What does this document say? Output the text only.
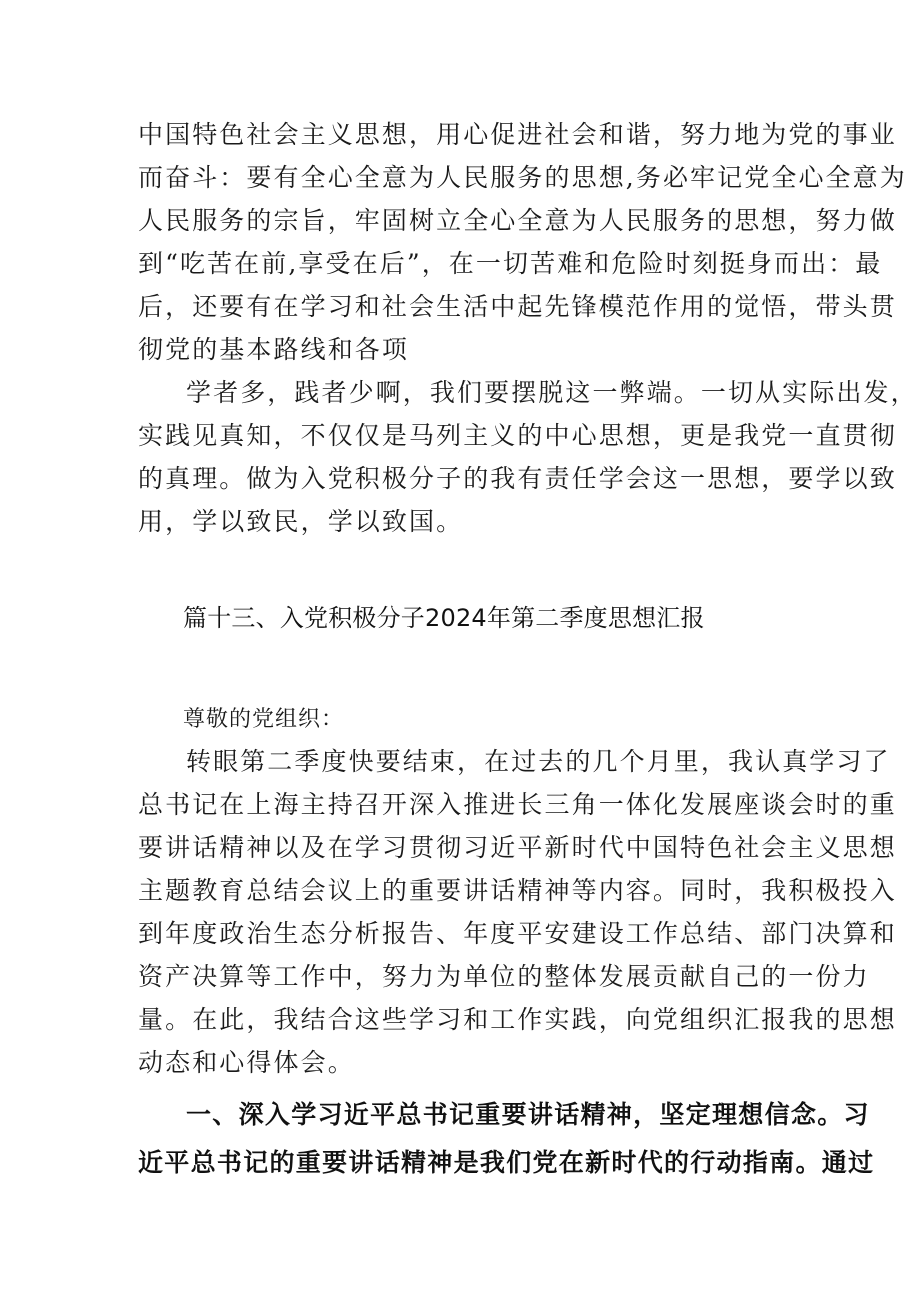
中国特色社会主义思想，用心促进社会和谐，努力地为党的事业
而奋斗：要有全心全意为人民服务的思想,务必牢记党全心全意为
人民服务的宗旨，牢固树立全心全意为人民服务的思想，努力做
到“吃苦在前,享受在后”，在一切苦难和危险时刻挺身而出：最
后，还要有在学习和社会生活中起先锋模范作用的觉悟，带头贯
彻党的基本路线和各项
学者多，践者少啊，我们要摆脱这一弊端。一切从实际出发，
实践见真知，不仅仅是马列主义的中心思想，更是我党一直贯彻
的真理。做为入党积极分子的我有责任学会这一思想，要学以致
用，学以致民，学以致国。
篇十三、入党积极分子2024年第二季度思想汇报
尊敬的党组织：
转眼第二季度快要结束，在过去的几个月里，我认真学习了
总书记在上海主持召开深入推进长三角一体化发展座谈会时的重
要讲话精神以及在学习贯彻习近平新时代中国特色社会主义思想
主题教育总结会议上的重要讲话精神等内容。同时，我积极投入
到年度政治生态分析报告、年度平安建设工作总结、部门决算和
资产决算等工作中，努力为单位的整体发展贡献自己的一份力
量。在此，我结合这些学习和工作实践，向党组织汇报我的思想
动态和心得体会。
一、深入学习近平总书记重要讲话精神，坚定理想信念。习
近平总书记的重要讲话精神是我们党在新时代的行动指南。通过
